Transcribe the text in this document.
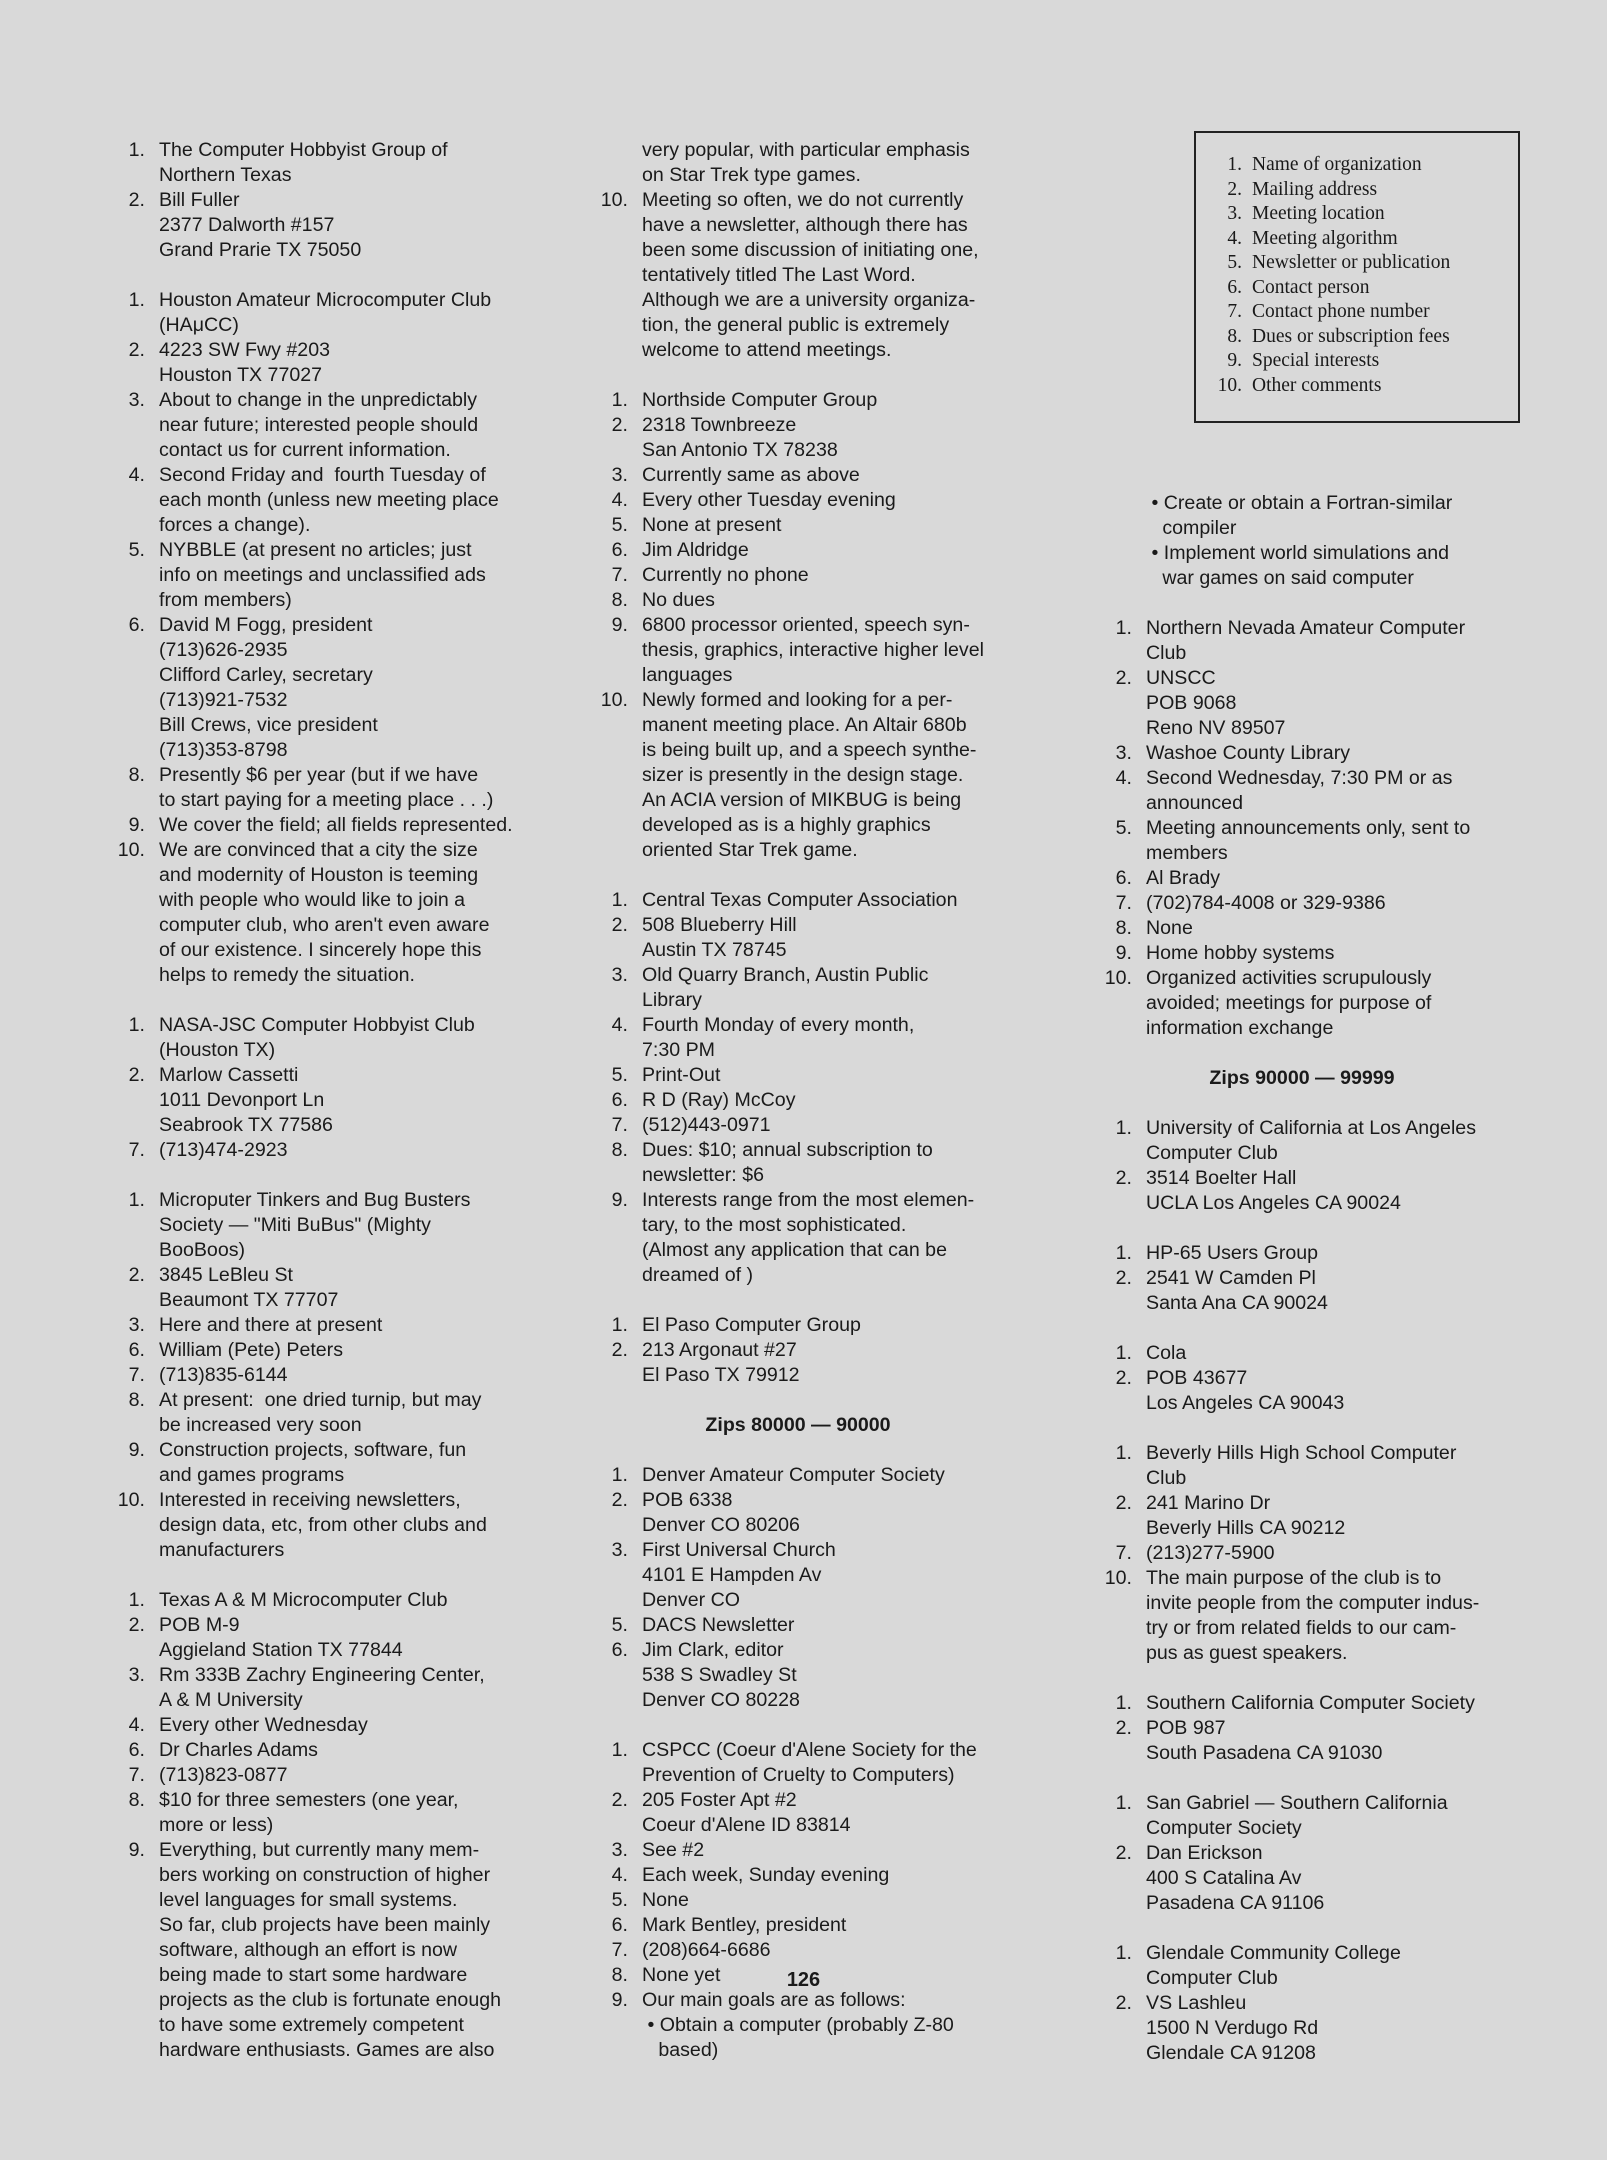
1. Name of organization
2. Mailing address
3. Meeting location
4. Meeting algorithm
5. Newsletter or publication
6. Contact person
7. Contact phone number
8. Dues or subscription fees
9. Special interests
10. Other comments
1. The Computer Hobbyist Group of
Northern Texas
2. Bill Fuller
2377 Dalworth #157
Grand Prarie TX 75050
1. Houston Amateur Microcomputer Club
(HAμCC)
2. 4223 SW Fwy #203
Houston TX 77027
3. About to change in the unpredictably
near future; interested people should
contact us for current information.
4. Second Friday and  fourth Tuesday of
each month (unless new meeting place
forces a change).
5. NYBBLE (at present no articles; just
info on meetings and unclassified ads
from members)
6. David M Fogg, president
(713)626-2935
Clifford Carley, secretary
(713)921-7532
Bill Crews, vice president
(713)353-8798
8. Presently $6 per year (but if we have
to start paying for a meeting place . . .)
9. We cover the field; all fields represented.
10. We are convinced that a city the size
and modernity of Houston is teeming
with people who would like to join a
computer club, who aren't even aware
of our existence. I sincerely hope this
helps to remedy the situation.
1. NASA-JSC Computer Hobbyist Club
(Houston TX)
2. Marlow Cassetti
1011 Devonport Ln
Seabrook TX 77586
7. (713)474-2923
1. Microputer Tinkers and Bug Busters
Society — "Miti BuBus" (Mighty
BooBoos)
2. 3845 LeBleu St
Beaumont TX 77707
3. Here and there at present
6. William (Pete) Peters
7. (713)835-6144
8. At present:  one dried turnip, but may
be increased very soon
9. Construction projects, software, fun
and games programs
10. Interested in receiving newsletters,
design data, etc, from other clubs and
manufacturers
1. Texas A & M Microcomputer Club
2. POB M-9
Aggieland Station TX 77844
3. Rm 333B Zachry Engineering Center,
A & M University
4. Every other Wednesday
6. Dr Charles Adams
7. (713)823-0877
8. $10 for three semesters (one year,
more or less)
9. Everything, but currently many mem-
bers working on construction of higher
level languages for small systems.
So far, club projects have been mainly
software, although an effort is now
being made to start some hardware
projects as the club is fortunate enough
to have some extremely competent
hardware enthusiasts. Games are also
very popular, with particular emphasis
on Star Trek type games.
10. Meeting so often, we do not currently
have a newsletter, although there has
been some discussion of initiating one,
tentatively titled The Last Word.
Although we are a university organiza-
tion, the general public is extremely
welcome to attend meetings.
1. Northside Computer Group
2. 2318 Townbreeze
San Antonio TX 78238
3. Currently same as above
4. Every other Tuesday evening
5. None at present
6. Jim Aldridge
7. Currently no phone
8. No dues
9. 6800 processor oriented, speech syn-
thesis, graphics, interactive higher level
languages
10. Newly formed and looking for a per-
manent meeting place. An Altair 680b
is being built up, and a speech synthe-
sizer is presently in the design stage.
An ACIA version of MIKBUG is being
developed as is a highly graphics
oriented Star Trek game.
1. Central Texas Computer Association
2. 508 Blueberry Hill
Austin TX 78745
3. Old Quarry Branch, Austin Public
Library
4. Fourth Monday of every month,
7:30 PM
5. Print-Out
6. R D (Ray) McCoy
7. (512)443-0971
8. Dues: $10; annual subscription to
newsletter: $6
9. Interests range from the most elemen-
tary, to the most sophisticated.
(Almost any application that can be
dreamed of )
1. El Paso Computer Group
2. 213 Argonaut #27
El Paso TX 79912
Zips 80000 — 90000
1. Denver Amateur Computer Society
2. POB 6338
Denver CO 80206
3. First Universal Church
4101 E Hampden Av
Denver CO
5. DACS Newsletter
6. Jim Clark, editor
538 S Swadley St
Denver CO 80228
1. CSPCC (Coeur d'Alene Society for the
Prevention of Cruelty to Computers)
2. 205 Foster Apt #2
Coeur d'Alene ID 83814
3. See #2
4. Each week, Sunday evening
5. None
6. Mark Bentley, president
7. (208)664-6686
8. None yet
9. Our main goals are as follows:
• Obtain a computer (probably Z-80
based)
• Create or obtain a Fortran-similar
compiler
• Implement world simulations and
war games on said computer
1. Northern Nevada Amateur Computer
Club
2. UNSCC
POB 9068
Reno NV 89507
3. Washoe County Library
4. Second Wednesday, 7:30 PM or as
announced
5. Meeting announcements only, sent to
members
6. Al Brady
7. (702)784-4008 or 329-9386
8. None
9. Home hobby systems
10. Organized activities scrupulously
avoided; meetings for purpose of
information exchange
Zips 90000 — 99999
1. University of California at Los Angeles
Computer Club
2. 3514 Boelter Hall
UCLA Los Angeles CA 90024
1. HP-65 Users Group
2. 2541 W Camden Pl
Santa Ana CA 90024
1. Cola
2. POB 43677
Los Angeles CA 90043
1. Beverly Hills High School Computer
Club
2. 241 Marino Dr
Beverly Hills CA 90212
7. (213)277-5900
10. The main purpose of the club is to
invite people from the computer indus-
try or from related fields to our cam-
pus as guest speakers.
1. Southern California Computer Society
2. POB 987
South Pasadena CA 91030
1. San Gabriel — Southern California
Computer Society
2. Dan Erickson
400 S Catalina Av
Pasadena CA 91106
1. Glendale Community College
Computer Club
2. VS Lashleu
1500 N Verdugo Rd
Glendale CA 91208
126
